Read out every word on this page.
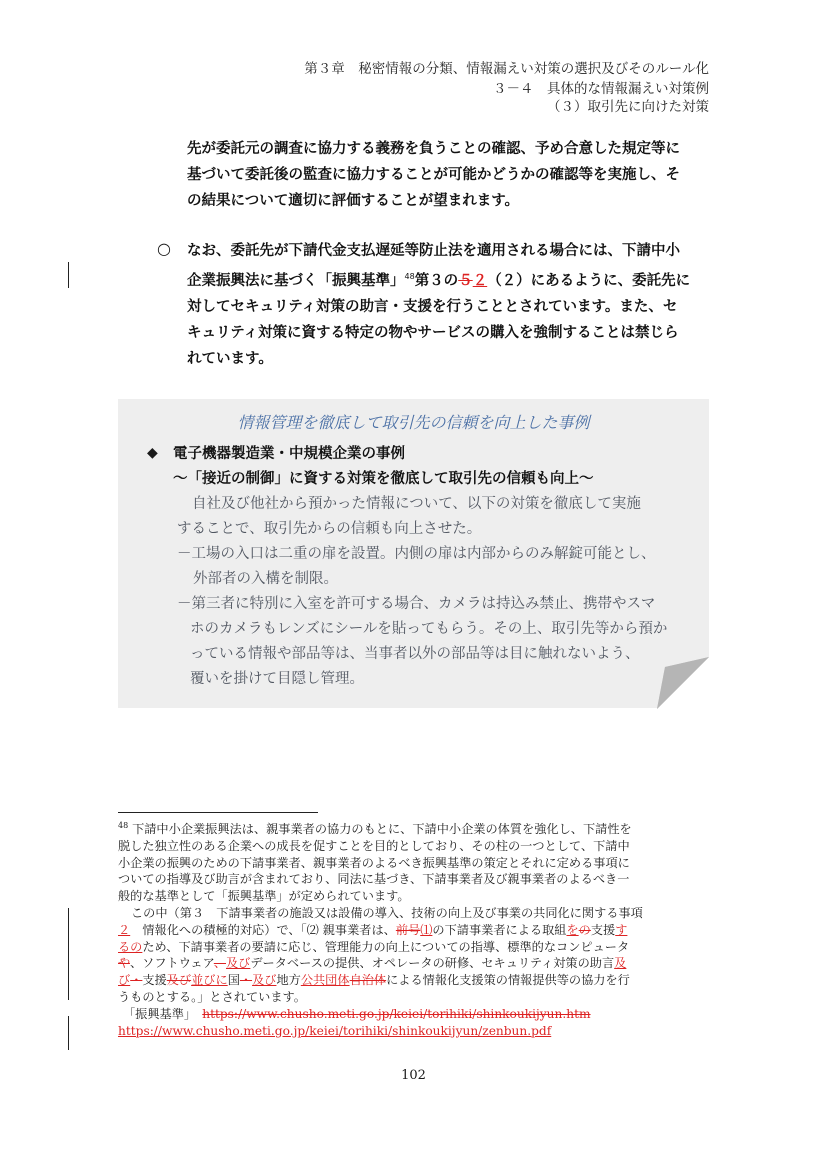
第３章　秘密情報の分類、情報漏えい対策の選択及びそのルール化
３－４　具体的な情報漏えい対策例
（３）取引先に向けた対策
先が委託元の調査に協力する義務を負うことの確認、予め合意した規定等に
基づいて委託後の監査に協力することが可能かどうかの確認等を実施し、そ
の結果について適切に評価することが望まれます。
○ なお、委託先が下請代金支払遅延等防止法を適用される場合には、下請中小
企業振興法に基づく「振興基準」$^{48}$第３の５２（２）にあるように、委託先に
対してセキュリティ対策の助言・支援を行うこととされています。また、セ
キュリティ対策に資する特定の物やサービスの購入を強制することは禁じら
れています。
情報管理を徹底して取引先の信頼を向上した事例
◆ 電子機器製造業・中規模企業の事例
～「接近の制御」に資する対策を徹底して取引先の信頼も向上～
自社及び他社から預かった情報について、以下の対策を徹底して実施
することで、取引先からの信頼も向上させた。
－工場の入口は二重の扉を設置。内側の扉は内部からのみ解錠可能とし、
外部者の入構を制限。
－第三者に特別に入室を許可する場合、カメラは持込み禁止、携帯やスマ
ホのカメラもレンズにシールを貼ってもらう。その上、取引先等から預か
っている情報や部品等は、当事者以外の部品等は目に触れないよう、
覆いを掛けて目隠し管理。
$^{48}$ 下請中小企業振興法は、親事業者の協力のもとに、下請中小企業の体質を強化し、下請性を
脱した独立性のある企業への成長を促すことを目的としており、その柱の一つとして、下請中
小企業の振興のための下請事業者、親事業者のよるべき振興基準の策定とそれに定める事項に
ついての指導及び助言が含まれており、同法に基づき、下請事業者及び親事業者のよるべき一
般的な基準として「振興基準」が定められています。
この中（第３　下請事業者の施設又は設備の導入、技術の向上及び事業の共同化に関する事項
２　情報化への積極的対応）で、「⑵ 親事業者は、前号⑴の下請事業者による取組をの支援す
るのため、下請事業者の要請に応じ、管理能力の向上についての指導、標準的なコンピュータ
や、ソフトウェア、及びデータベースの提供、オペレータの研修、セキュリティ対策の助言及
び・支援及び並びに国・及び地方公共団体自治体による情報化支援策の情報提供等の協力を行
うものとする。」とされています。
「振興基準」　 https://www.chusho.meti.go.jp/keiei/torihiki/shinkoukijyun.htm
https://www.chusho.meti.go.jp/keiei/torihiki/shinkoukijyun/zenbun.pdf
102
